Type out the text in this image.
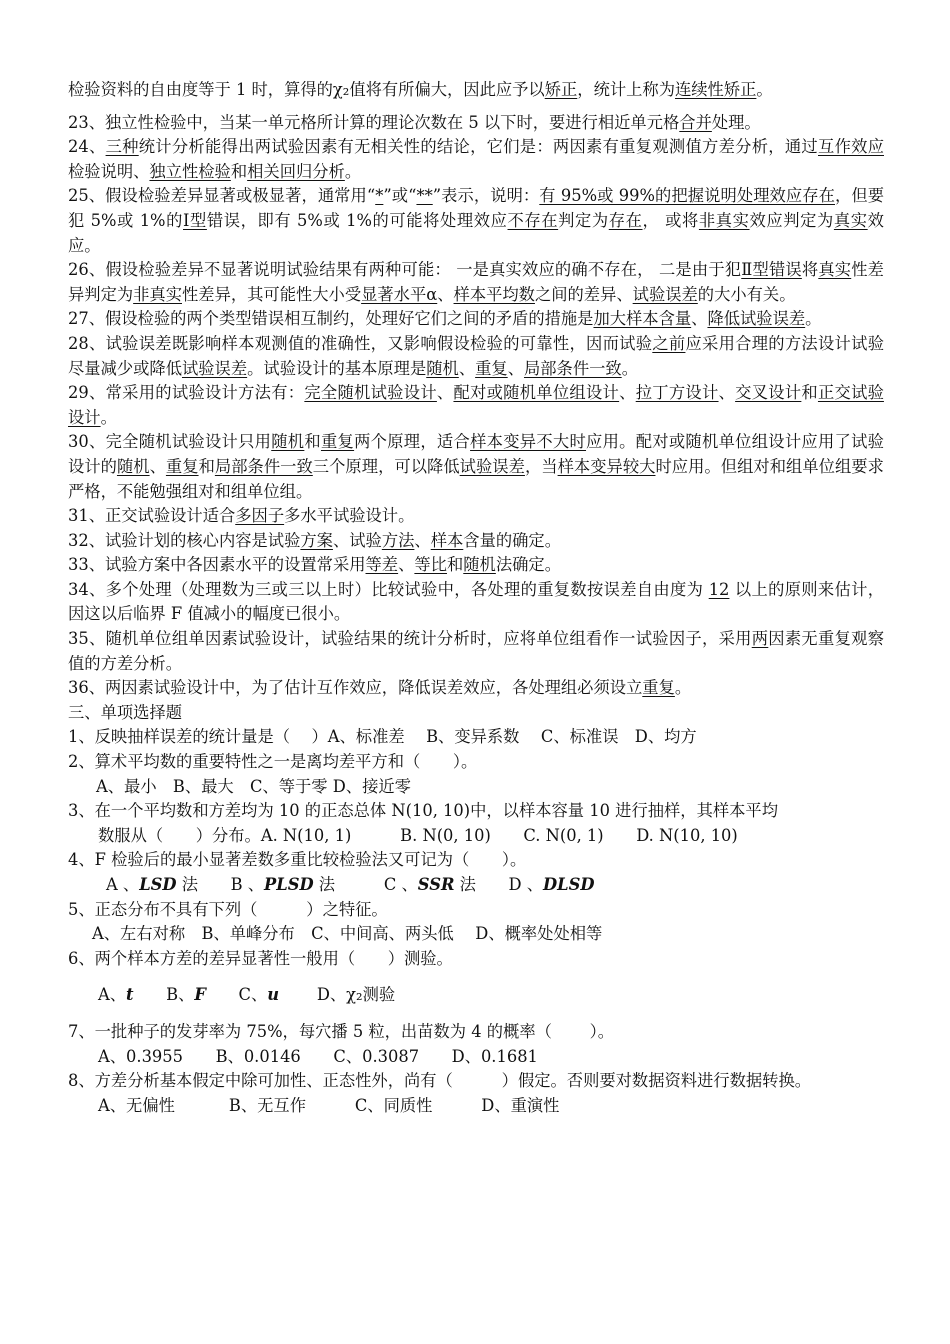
检验资料的自由度等于 1 时，算得的χ₂值将有所偏大，因此应予以矫正，统计上称为连续性矫正。

23、独立性检验中，当某一单元格所计算的理论次数在 5 以下时，要进行相近单元格合并处理。

24、三种统计分析能得出两试验因素有无相关性的结论，它们是：两因素有重复观测值方差分析，通过互作效应检验说明、独立性检验和相关回归分析。

25、假设检验差异显著或极显著，通常用“*”或“**”表示，说明：有 95%或 99%的把握说明处理效应存在，但要犯 5%或 1%的Ⅰ型错误，即有 5%或 1%的可能将处理效应不存在判定为存在， 或将非真实效应判定为真实效应。

26、假设检验差异不显著说明试验结果有两种可能： 一是真实效应的确不存在， 二是由于犯Ⅱ型错误将真实性差异判定为非真实性差异，其可能性大小受显著水平α、样本平均数之间的差异、试验误差的大小有关。

27、假设检验的两个类型错误相互制约，处理好它们之间的矛盾的措施是加大样本含量、降低试验误差。

28、试验误差既影响样本观测值的准确性，又影响假设检验的可靠性，因而试验之前应采用合理的方法设计试验尽量减少或降低试验误差。试验设计的基本原理是随机、重复、局部条件一致。

29、常采用的试验设计方法有：完全随机试验设计、配对或随机单位组设计、拉丁方设计、交叉设计和正交试验设计。

30、完全随机试验设计只用随机和重复两个原理，适合样本变异不大时应用。配对或随机单位组设计应用了试验设计的随机、重复和局部条件一致三个原理，可以降低试验误差，当样本变异较大时应用。但组对和组单位组要求严格，不能勉强组对和组单位组。

31、正交试验设计适合多因子多水平试验设计。

32、试验计划的核心内容是试验方案、试验方法、样本含量的确定。

33、试验方案中各因素水平的设置常采用等差、等比和随机法确定。

34、多个处理（处理数为三或三以上时）比较试验中，各处理的重复数按误差自由度为 12 以上的原则来估计，因这以后临界 F 值减小的幅度已很小。

35、随机单位组单因素试验设计，试验结果的统计分析时，应将单位组看作一试验因子，采用两因素无重复观察值的方差分析。

36、两因素试验设计中，为了估计互作效应，降低误差效应，各处理组必须设立重复。

三、单项选择题

1、反映抽样误差的统计量是（　 ）A、标准差　 B、变异系数　 C、标准误　D、均方

2、算术平均数的重要特性之一是离均差平方和（　　）。

A、最小　B、最大　C、等于零 D、接近零

3、在一个平均数和方差均为 10 的正态总体 N(10, 10)中，以样本容量 10 进行抽样，其样本平均

数服从（　　）分布。A. N(10, 1)　　　B. N(0, 10)　　C. N(0, 1)　　D. N(10, 10)

4、F 检验后的最小显著差数多重比较检验法又可记为（　　）。

A 、LSD 法　　B 、PLSD 法　　　C 、SSR 法　　D 、DLSD

5、正态分布不具有下列（　　　）之特征。

A、左右对称　B、单峰分布　C、中间高、两头低　 D、概率处处相等

6、两个样本方差的差异显著性一般用（　　）测验。

A、t　　B、F　　C、u　　 D、χ₂测验

7、一批种子的发芽率为 75%，每穴播 5 粒，出苗数为 4 的概率（　　 ）。

A、0.3955　　B、0.0146　　C、0.3087　　D、0.1681

8、方差分析基本假定中除可加性、正态性外，尚有（　　　）假定。否则要对数据资料进行数据转换。

A、无偏性　　　 B、无互作　　　C、同质性　　　D、重演性
